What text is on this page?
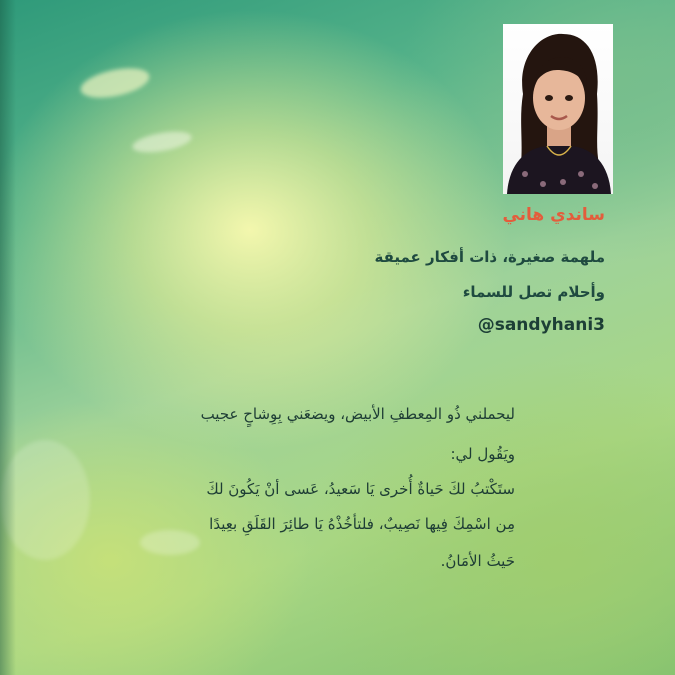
ساندي هاني
ملهمة صغيرة، ذات أفكار عميقة
وأحلام تصل للسماء
@sandyhani3
ليحملني ذُو المِعطفِ الأبيض، ويضعَني بِوِشاحٍ عجيب
ويَقُول لي:
ستَكْتبُ لكَ حَياةٌ أُخرى يَا سَعيدُ، عَسى أنْ يَكُونَ لكَ
مِن اسْمِكَ فِيها نَصِيبٌ، فلتأخُذْهُ يَا طائِرَ القَلَقِ بعِيدًا
حَيثُ الأمَانُ.
